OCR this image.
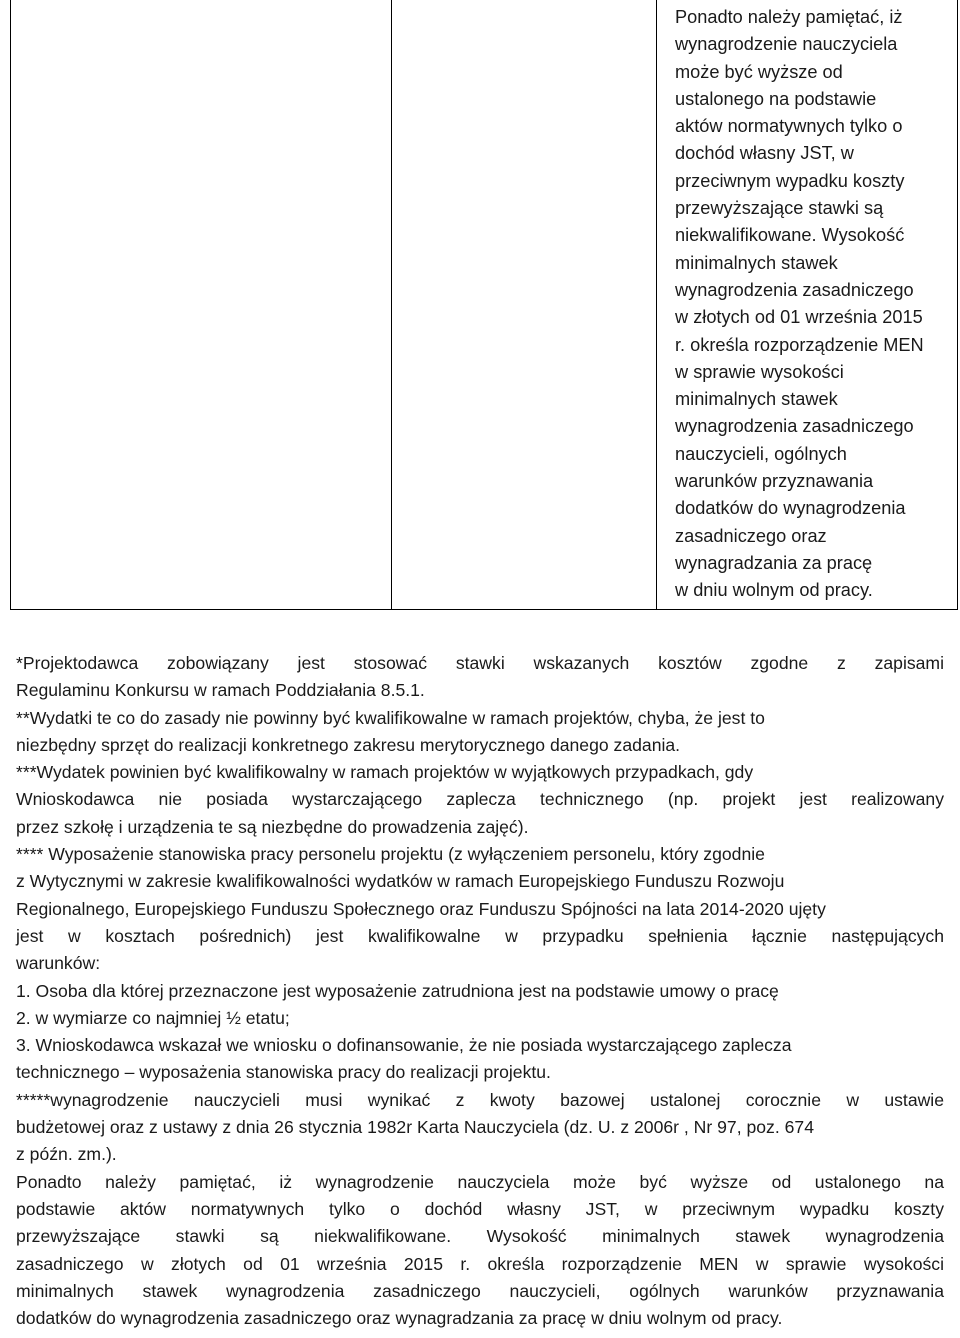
Ponadto należy pamiętać, iż
wynagrodzenie nauczyciela
może być wyższe od
ustalonego na podstawie
aktów normatywnych tylko o
dochód własny JST, w
przeciwnym wypadku koszty
przewyższające stawki są
niekwalifikowane. Wysokość
minimalnych stawek
wynagrodzenia zasadniczego
w złotych od 01 września 2015
r. określa rozporządzenie MEN
w sprawie wysokości
minimalnych stawek
wynagrodzenia zasadniczego
nauczycieli, ogólnych
warunków przyznawania
dodatków do wynagrodzenia
zasadniczego oraz
wynagradzania za pracę
w dniu wolnym od pracy.
*Projektodawca zobowiązany jest stosować stawki wskazanych kosztów zgodne z zapisami
Regulaminu Konkursu w ramach Poddziałania 8.5.1.
**Wydatki te co do zasady nie powinny być kwalifikowalne w ramach projektów, chyba, że jest to
niezbędny sprzęt do realizacji konkretnego zakresu merytorycznego danego zadania.
***Wydatek powinien być kwalifikowalny w ramach projektów w wyjątkowych przypadkach, gdy
Wnioskodawca nie posiada wystarczającego zaplecza technicznego (np. projekt jest realizowany
przez szkołę i urządzenia te są niezbędne do prowadzenia zajęć).
**** Wyposażenie stanowiska pracy personelu projektu (z wyłączeniem personelu, który zgodnie
z Wytycznymi w zakresie kwalifikowalności wydatków w ramach Europejskiego Funduszu Rozwoju
Regionalnego, Europejskiego Funduszu Społecznego oraz Funduszu Spójności na lata 2014-2020 ujęty
jest w kosztach pośrednich) jest kwalifikowalne w przypadku spełnienia łącznie następujących
warunków:
1. Osoba dla której przeznaczone jest wyposażenie zatrudniona jest na podstawie umowy o pracę
2. w wymiarze co najmniej ½ etatu;
3. Wnioskodawca wskazał we wniosku o dofinansowanie, że nie posiada wystarczającego zaplecza
technicznego – wyposażenia stanowiska pracy do realizacji projektu.
*****wynagrodzenie nauczycieli musi wynikać z kwoty bazowej ustalonej corocznie w ustawie
budżetowej oraz z ustawy z dnia 26 stycznia 1982r Karta Nauczyciela (dz. U. z 2006r , Nr 97, poz. 674
z późn. zm.).
Ponadto należy pamiętać, iż wynagrodzenie nauczyciela może być wyższe od ustalonego na
podstawie aktów normatywnych tylko o dochód własny JST, w przeciwnym wypadku koszty
przewyższające stawki są niekwalifikowane. Wysokość minimalnych stawek wynagrodzenia
zasadniczego w złotych od 01 września 2015 r. określa rozporządzenie MEN w sprawie wysokości
minimalnych stawek wynagrodzenia zasadniczego nauczycieli, ogólnych warunków przyznawania
dodatków do wynagrodzenia zasadniczego oraz wynagradzania za pracę w dniu wolnym od pracy.
